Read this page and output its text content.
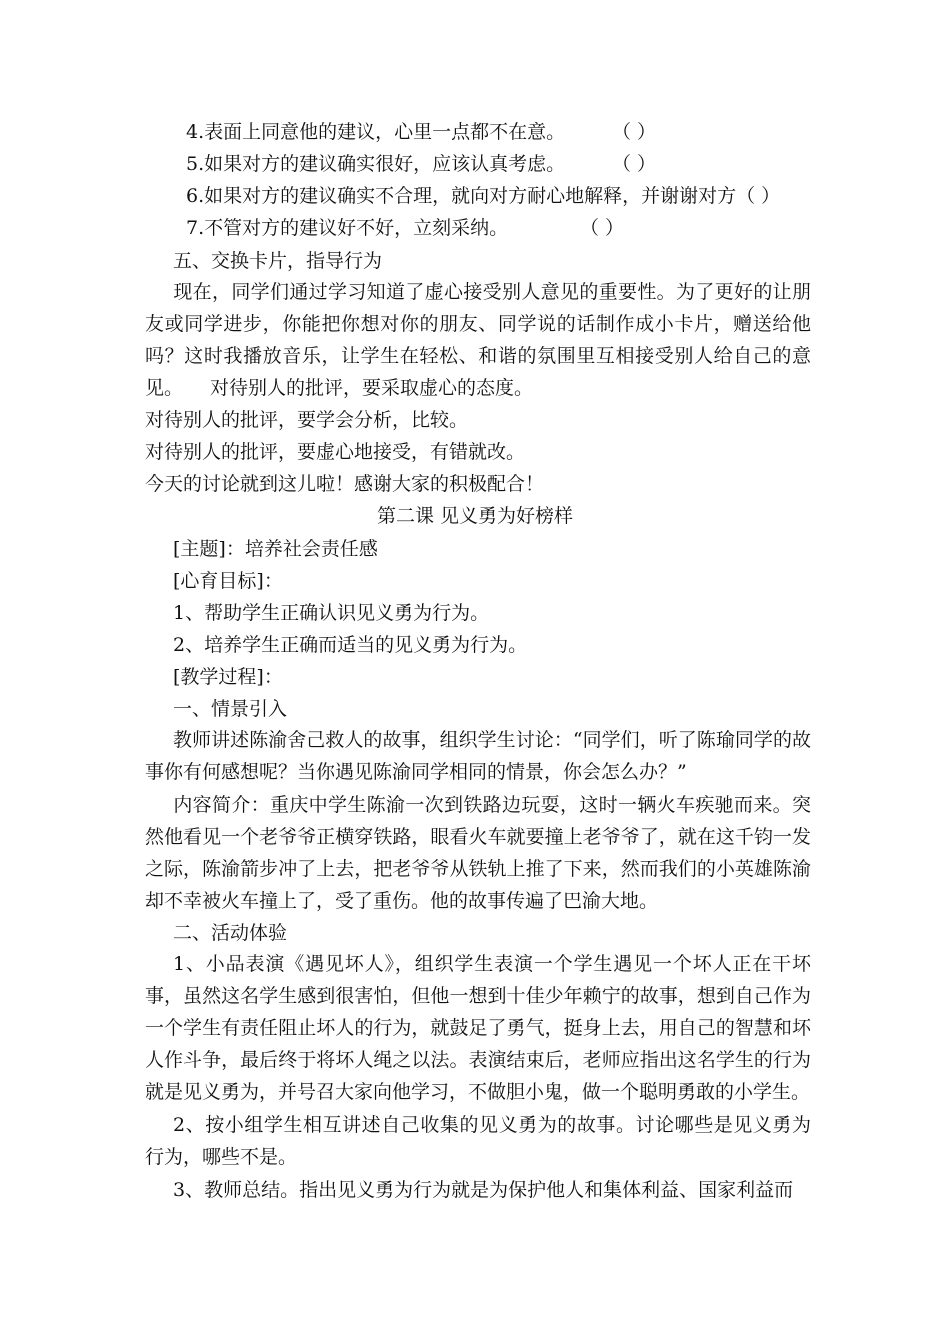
4.表面上同意他的建议，心里一点都不在意。 （ ）
5.如果对方的建议确实很好，应该认真考虑。 （ ）
6.如果对方的建议确实不合理，就向对方耐心地解释，并谢谢对方（ ）
7.不管对方的建议好不好，立刻采纳。	（ ）
五、交换卡片，指导行为
现在，同学们通过学习知道了虚心接受别人意见的重要性。为了更好的让朋友或同学进步，你能把你想对你的朋友、同学说的话制作成小卡片，赠送给他吗？这时我播放音乐，让学生在轻松、和谐的氛围里互相接受别人给自己的意见。	对待别人的批评，要采取虚心的态度。
对待别人的批评，要学会分析，比较。
对待别人的批评，要虚心地接受，有错就改。
今天的讨论就到这儿啦！感谢大家的积极配合！
第二课 见义勇为好榜样
[主题]：培养社会责任感
[心育目标]：
1、帮助学生正确认识见义勇为行为。
2、培养学生正确而适当的见义勇为行为。
[教学过程]：
一、情景引入
教师讲述陈渝舍己救人的故事，组织学生讨论：“同学们，听了陈瑜同学的故事你有何感想呢？当你遇见陈渝同学相同的情景，你会怎么办？”
内容简介：重庆中学生陈渝一次到铁路边玩耍，这时一辆火车疾驰而来。突然他看见一个老爷爷正横穿铁路，眼看火车就要撞上老爷爷了，就在这千钧一发之际，陈渝箭步冲了上去，把老爷爷从铁轨上推了下来，然而我们的小英雄陈渝却不幸被火车撞上了，受了重伤。他的故事传遍了巴渝大地。
二、活动体验
1、小品表演《遇见坏人》，组织学生表演一个学生遇见一个坏人正在干坏事，虽然这名学生感到很害怕，但他一想到十佳少年赖宁的故事，想到自己作为一个学生有责任阻止坏人的行为，就鼓足了勇气，挺身上去，用自己的智慧和坏人作斗争，最后终于将坏人绳之以法。表演结束后，老师应指出这名学生的行为就是见义勇为，并号召大家向他学习，不做胆小鬼，做一个聪明勇敢的小学生。
2、按小组学生相互讲述自己收集的见义勇为的故事。讨论哪些是见义勇为行为，哪些不是。
3、教师总结。指出见义勇为行为就是为保护他人和集体利益、国家利益而
